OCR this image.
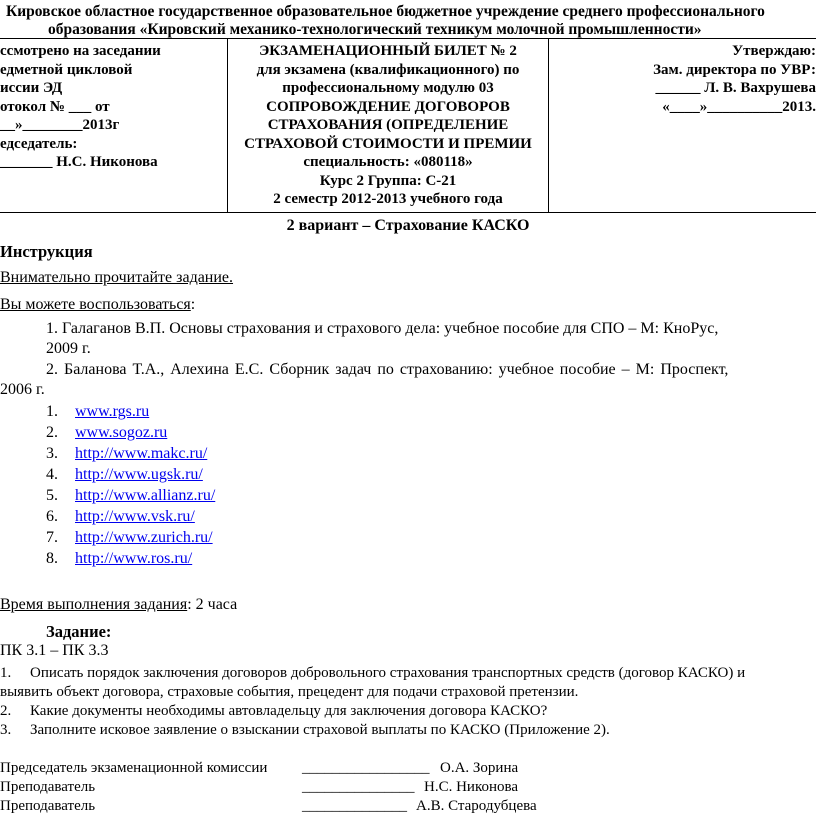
Кировское областное государственное образовательное бюджетное учреждение среднего профессионального
образования «Кировский механико-технологический техникум молочной промышленности»
ссмотрено на заседании
едметной цикловой
иссии ЭД
отокол № ___ от
__»________2013г
едседатель:
_______ Н.С. Никонова
ЭКЗАМЕНАЦИОННЫЙ БИЛЕТ № 2
для экзамена (квалификационного) по
профессиональному модулю 03
СОПРОВОЖДЕНИЕ ДОГОВОРОВ
СТРАХОВАНИЯ (ОПРЕДЕЛЕНИЕ
СТРАХОВОЙ СТОИМОСТИ И ПРЕМИИ
специальность: «080118»
Курс 2 Группа: С-21
2 семестр 2012-2013 учебного года
Утверждаю:
Зам. директора по УВР:
______ Л. В. Вахрушева
«____»__________2013.
2 вариант – Страхование КАСКО
Инструкция
Внимательно прочитайте задание.
Вы можете воспользоваться:
1. Галаганов В.П. Основы страхования и страхового дела: учебное пособие для СПО – М: КноРус,
2009 г.
2. Баланова Т.А., Алехина Е.С. Сборник задач по страхованию: учебное пособие – М: Проспект,
2006 г.
1. www.rgs.ru
2. www.sogoz.ru
3. http://www.makc.ru/
4. http://www.ugsk.ru/
5. http://www.allianz.ru/
6. http://www.vsk.ru/
7. http://www.zurich.ru/
8. http://www.ros.ru/
Время выполнения задания: 2 часа
Задание:
ПК 3.1 – ПК 3.3
1. Описать порядок заключения договоров добровольного страхования транспортных средств (договор КАСКО) и
выявить объект договора, страховые события, прецедент для подачи страховой претензии.
2. Какие документы необходимы автовладельцу для заключения договора КАСКО?
3. Заполните исковое заявление о взыскании страховой выплаты по КАСКО (Приложение 2).
Председатель экзаменационной комиссии _________________ О.А. Зорина
Преподаватель	_______________ Н.С. Никонова
Преподаватель	______________ А.В. Стародубцева
